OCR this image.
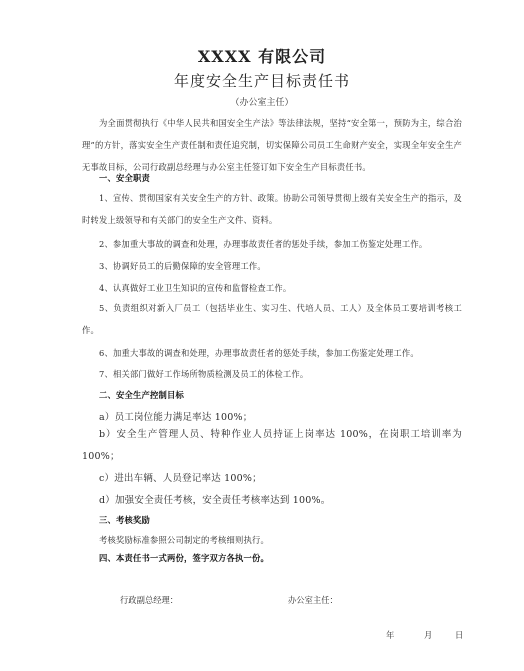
XXXX 有限公司
年度安全生产目标责任书
（办公室主任）
为全面贯彻执行《中华人民共和国安全生产法》等法律法规，坚持“安全第一，预防为主，综合治理”的方针，落实安全生产责任制和责任追究制，切实保障公司员工生命财产安全，实现全年安全生产无事故目标，公司行政副总经理与办公室主任签订如下安全生产目标责任书。
一、安全职责
1、宣传、贯彻国家有关安全生产的方针、政策。协助公司领导贯彻上级有关安全生产的指示，及时转发上级领导和有关部门的安全生产文件、资料。
2、参加重大事故的调查和处理，办理事故责任者的惩处手续，参加工伤鉴定处理工作。
3、协调好员工的后勤保障的安全管理工作。
4、认真做好工业卫生知识的宣传和监督检查工作。
5、负责组织对新入厂员工（包括毕业生、实习生、代培人员、工人）及全体员工要培训考核工作。
6、加重大事故的调查和处理，办理事故责任者的惩处手续，参加工伤鉴定处理工作。
7、相关部门做好工作场所物质检测及员工的体检工作。
二、安全生产控制目标
a）员工岗位能力满足率达 100%；
b）安全生产管理人员、特种作业人员持证上岗率达 100%，在岗职工培训率为 100%；
c）进出车辆、人员登记率达 100%；
d）加强安全责任考核，安全责任考核率达到 100%。
三、考核奖励
考核奖励标准参照公司制定的考核细则执行。
四、本责任书一式两份，签字双方各执一份。
行政副总经理：	办公室主任：
年	月	日
